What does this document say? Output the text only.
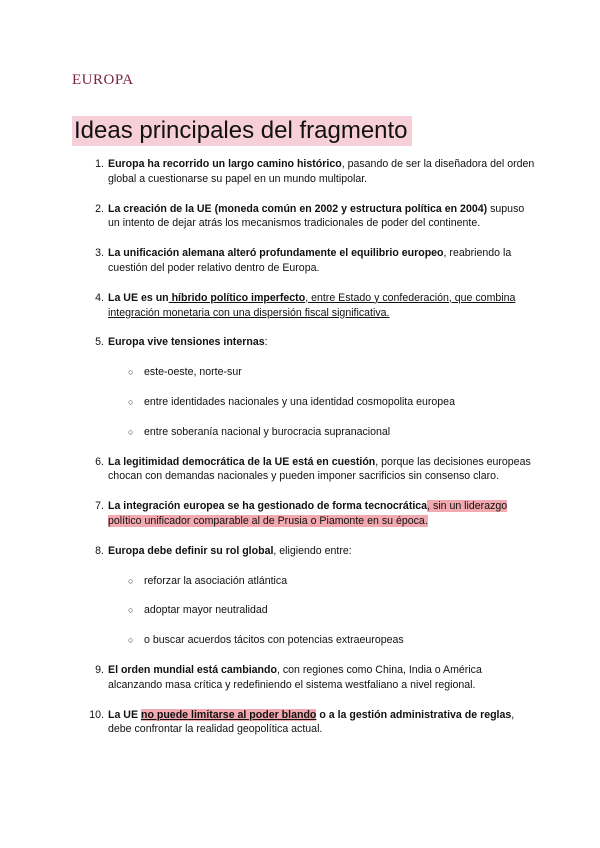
EUROPA
Ideas principales del fragmento
1. Europa ha recorrido un largo camino histórico, pasando de ser la diseñadora del orden global a cuestionarse su papel en un mundo multipolar.
2. La creación de la UE (moneda común en 2002 y estructura política en 2004) supuso un intento de dejar atrás los mecanismos tradicionales de poder del continente.
3. La unificación alemana alteró profundamente el equilibrio europeo, reabriendo la cuestión del poder relativo dentro de Europa.
4. La UE es un híbrido político imperfecto, entre Estado y confederación, que combina integración monetaria con una dispersión fiscal significativa.
5. Europa vive tensiones internas:
○ este-oeste, norte-sur
○ entre identidades nacionales y una identidad cosmopolita europea
○ entre soberanía nacional y burocracia supranacional
6. La legitimidad democrática de la UE está en cuestión, porque las decisiones europeas chocan con demandas nacionales y pueden imponer sacrificios sin consenso claro.
7. La integración europea se ha gestionado de forma tecnocrática, sin un liderazgo político unificador comparable al de Prusia o Piamonte en su época.
8. Europa debe definir su rol global, eligiendo entre:
○ reforzar la asociación atlántica
○ adoptar mayor neutralidad
○ o buscar acuerdos tácitos con potencias extraeuropeas
9. El orden mundial está cambiando, con regiones como China, India o América alcanzando masa crítica y redefiniendo el sistema westfaliano a nivel regional.
10. La UE no puede limitarse al poder blando o a la gestión administrativa de reglas, debe confrontar la realidad geopolítica actual.
